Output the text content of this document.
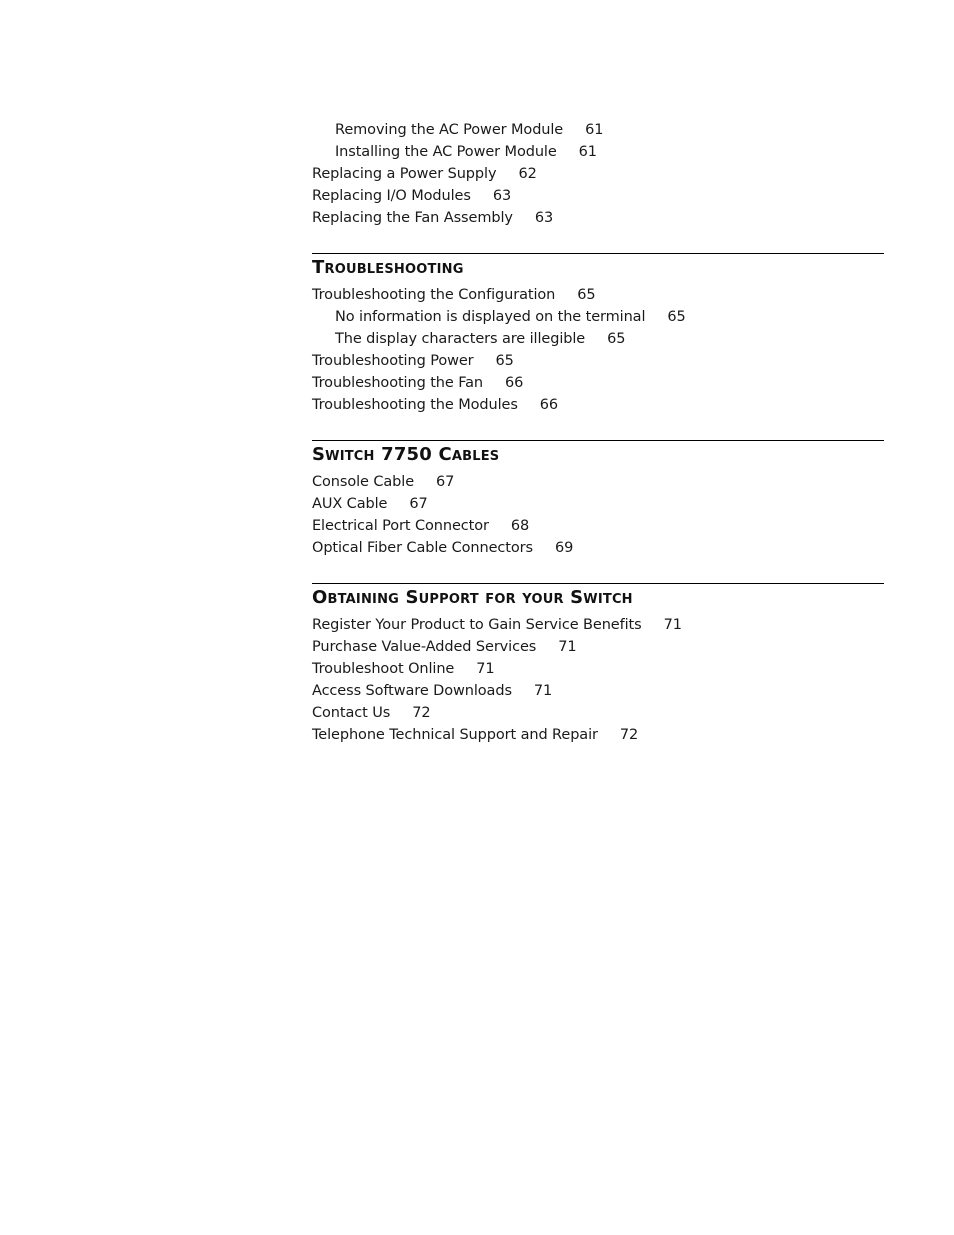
Removing the AC Power Module 61
Installing the AC Power Module 61
Replacing a Power Supply 62
Replacing I/O Modules 63
Replacing the Fan Assembly 63
Troubleshooting
Troubleshooting the Configuration 65
No information is displayed on the terminal 65
The display characters are illegible 65
Troubleshooting Power 65
Troubleshooting the Fan 66
Troubleshooting the Modules 66
Switch 7750 Cables
Console Cable 67
AUX Cable 67
Electrical Port Connector 68
Optical Fiber Cable Connectors 69
Obtaining Support for your Switch
Register Your Product to Gain Service Benefits 71
Purchase Value-Added Services 71
Troubleshoot Online 71
Access Software Downloads 71
Contact Us 72
Telephone Technical Support and Repair 72
